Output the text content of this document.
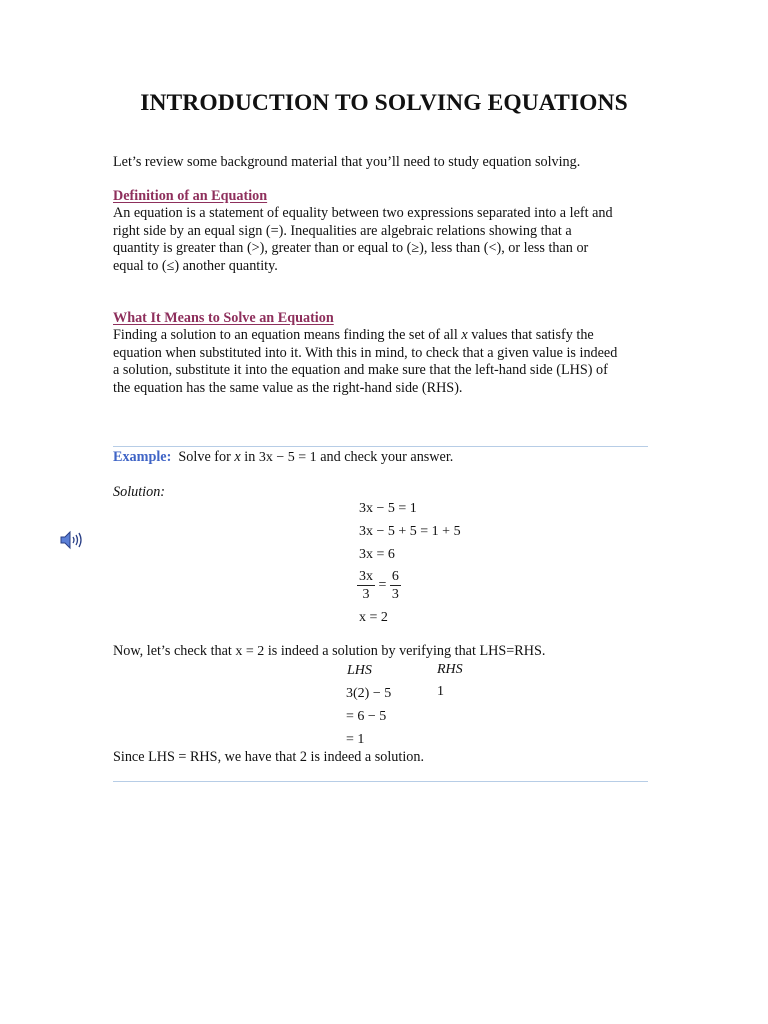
INTRODUCTION TO SOLVING EQUATIONS
Let’s review some background material that you’ll need to study equation solving.
Definition of an Equation
An equation is a statement of equality between two expressions separated into a left and
right side by an equal sign (=). Inequalities are algebraic relations showing that a
quantity is greater than (>), greater than or equal to (≥), less than (<), or less than or
equal to (≤) another quantity.
What It Means to Solve an Equation
Finding a solution to an equation means finding the set of all x values that satisfy the
equation when substituted into it. With this in mind, to check that a given value is indeed
a solution, substitute it into the equation and make sure that the left-hand side (LHS) of
the equation has the same value as the right-hand side (RHS).
Example: Solve for x in 3x − 5 = 1 and check your answer.
Solution:
3x − 5 = 1
3x − 5 + 5 = 1 + 5
3x = 6
$\frac{3x}{3} = \frac{6}{3}$
x = 2
Now, let’s check that x = 2 is indeed a solution by verifying that LHS=RHS.
LHS	RHS
3(2) − 5	1
= 6 − 5
= 1
Since LHS = RHS, we have that 2 is indeed a solution.
